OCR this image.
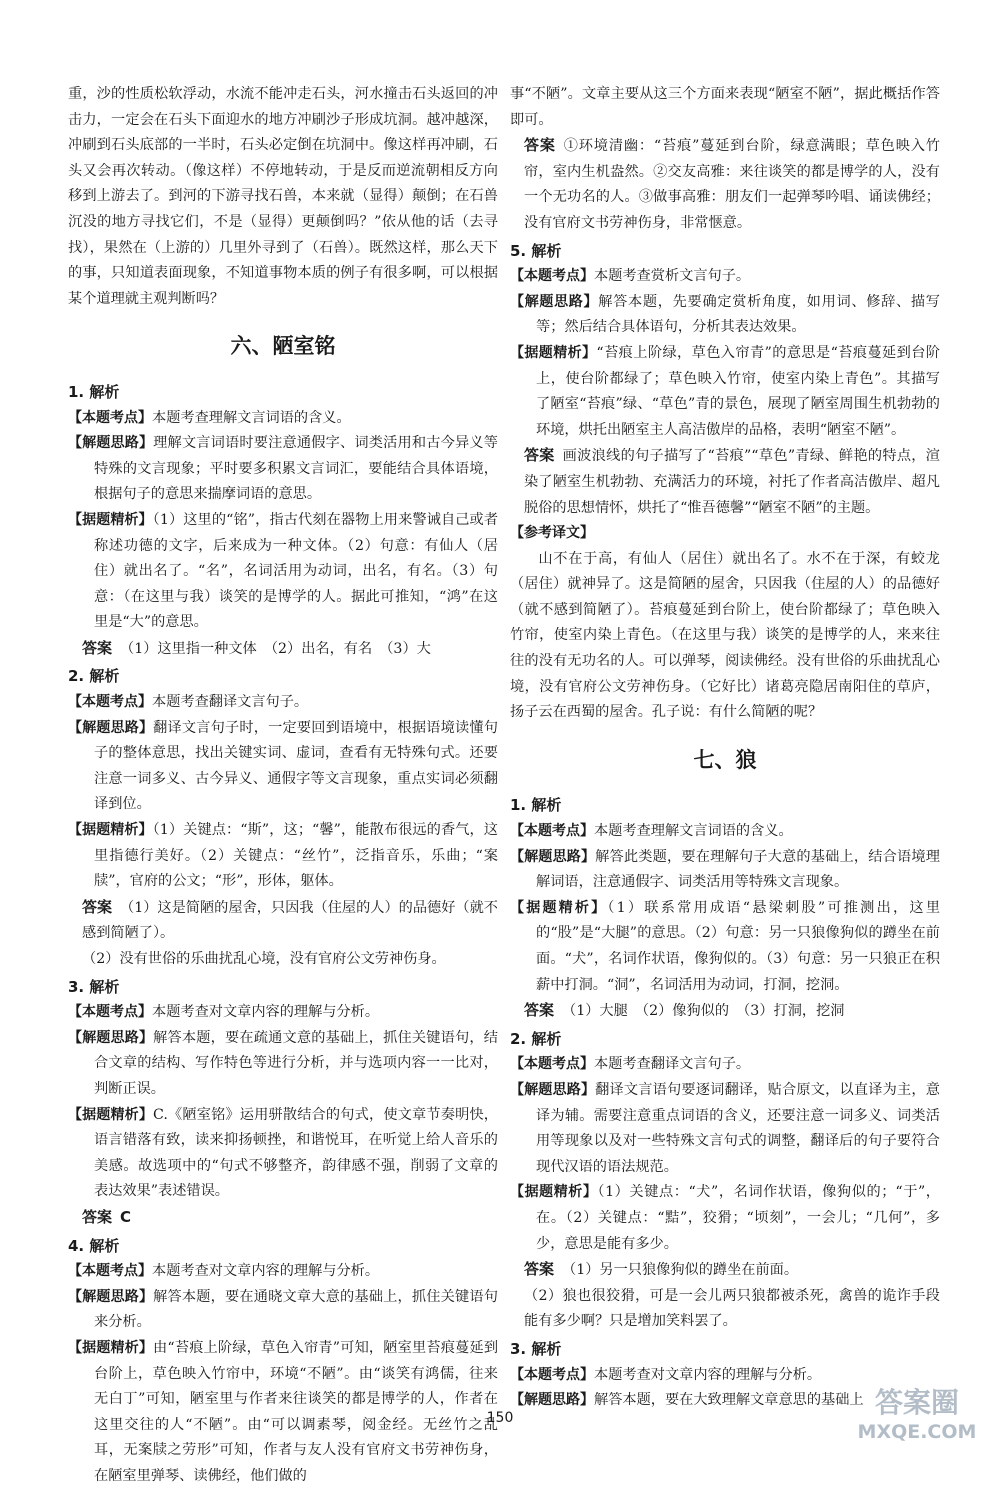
重，沙的性质松软浮动，水流不能冲走石头，河水撞击石头返回的冲击力，一定会在石头下面迎水的地方冲刷沙子形成坑洞。越冲越深，冲刷到石头底部的一半时，石头必定倒在坑洞中。像这样再冲刷，石头又会再次转动。（像这样）不停地转动，于是反而逆流朝相反方向移到上游去了。到河的下游寻找石兽，本来就（显得）颠倒；在石兽沉没的地方寻找它们，不是（显得）更颠倒吗？”依从他的话（去寻找），果然在（上游的）几里外寻到了（石兽）。既然这样，那么天下的事，只知道表面现象，不知道事物本质的例子有很多啊，可以根据某个道理就主观判断吗？

六、陋室铭
1. 解析

【本题考点】本题考查理解文言词语的含义。

【解题思路】理解文言词语时要注意通假字、词类活用和古今异义等特殊的文言现象；平时要多积累文言词汇，要能结合具体语境，根据句子的意思来揣摩词语的意思。

【据题精析】（1）这里的“铭”，指古代刻在器物上用来警诫自己或者称述功德的文字，后来成为一种文体。（2）句意：有仙人（居住）就出名了。“名”，名词活用为动词，出名，有名。（3）句意：（在这里与我）谈笑的是博学的人。据此可推知，“鸿”在这里是“大”的意思。

答案 （1）这里指一种文体　（2）出名，有名　（3）大

2. 解析

【本题考点】本题考查翻译文言句子。

【解题思路】翻译文言句子时，一定要回到语境中，根据语境读懂句子的整体意思，找出关键实词、虚词，查看有无特殊句式。还要注意一词多义、古今异义、通假字等文言现象，重点实词必须翻译到位。

【据题精析】（1）关键点：“斯”，这；“馨”，能散布很远的香气，这里指德行美好。（2）关键点：“丝竹”，泛指音乐，乐曲；“案牍”，官府的公文；“形”，形体，躯体。

答案 （1）这是简陋的屋舍，只因我（住屋的人）的品德好（就不感到简陋了）。

（2）没有世俗的乐曲扰乱心境，没有官府公文劳神伤身。

3. 解析

【本题考点】本题考查对文章内容的理解与分析。

【解题思路】解答本题，要在疏通文意的基础上，抓住关键语句，结合文章的结构、写作特色等进行分析，并与选项内容一一比对，判断正误。

【据题精析】C.《陋室铭》运用骈散结合的句式，使文章节奏明快，语言错落有致，读来抑扬顿挫，和谐悦耳，在听觉上给人音乐的美感。故选项中的“句式不够整齐，韵律感不强，削弱了文章的表达效果”表述错误。

答案 C

4. 解析

【本题考点】本题考查对文章内容的理解与分析。

【解题思路】解答本题，要在通晓文章大意的基础上，抓住关键语句来分析。

【据题精析】由“苔痕上阶绿，草色入帘青”可知，陋室里苔痕蔓延到台阶上，草色映入竹帘中，环境“不陋”。由“谈笑有鸿儒，往来无白丁”可知，陋室里与作者来往谈笑的都是博学的人，作者在这里交往的人“不陋”。由“可以调素琴，阅金经。无丝竹之乱耳，无案牍之劳形”可知，作者与友人没有官府文书劳神伤身，在陋室里弹琴、读佛经，他们做的

事“不陋”。文章主要从这三个方面来表现“陋室不陋”，据此概括作答即可。

答案 ①环境清幽：“苔痕”蔓延到台阶，绿意满眼；草色映入竹帘，室内生机盎然。②交友高雅：来往谈笑的都是博学的人，没有一个无功名的人。③做事高雅：朋友们一起弹琴吟唱、诵读佛经；没有官府文书劳神伤身，非常惬意。

5. 解析

【本题考点】本题考查赏析文言句子。

【解题思路】解答本题，先要确定赏析角度，如用词、修辞、描写等；然后结合具体语句，分析其表达效果。

【据题精析】“苔痕上阶绿，草色入帘青”的意思是“苔痕蔓延到台阶上，使台阶都绿了；草色映入竹帘，使室内染上青色”。其描写了陋室“苔痕”绿、“草色”青的景色，展现了陋室周围生机勃勃的环境，烘托出陋室主人高洁傲岸的品格，表明“陋室不陋”。

答案 画波浪线的句子描写了“苔痕”“草色”青绿、鲜艳的特点，渲染了陋室生机勃勃、充满活力的环境，衬托了作者高洁傲岸、超凡脱俗的思想情怀，烘托了“惟吾德馨”“陋室不陋”的主题。

【参考译文】

山不在于高，有仙人（居住）就出名了。水不在于深，有蛟龙（居住）就神异了。这是简陋的屋舍，只因我（住屋的人）的品德好（就不感到简陋了）。苔痕蔓延到台阶上，使台阶都绿了；草色映入竹帘，使室内染上青色。（在这里与我）谈笑的是博学的人，来来往往的没有无功名的人。可以弹琴，阅读佛经。没有世俗的乐曲扰乱心境，没有官府公文劳神伤身。（它好比）诸葛亮隐居南阳住的草庐，扬子云在西蜀的屋舍。孔子说：有什么简陋的呢？

七、狼
1. 解析

【本题考点】本题考查理解文言词语的含义。

【解题思路】解答此类题，要在理解句子大意的基础上，结合语境理解词语，注意通假字、词类活用等特殊文言现象。

【据题精析】（1）联系常用成语“悬梁刺股”可推测出，这里的“股”是“大腿”的意思。（2）句意：另一只狼像狗似的蹲坐在前面。“犬”，名词作状语，像狗似的。（3）句意：另一只狼正在积薪中打洞。“洞”，名词活用为动词，打洞，挖洞。

答案 （1）大腿　（2）像狗似的　（3）打洞，挖洞

2. 解析

【本题考点】本题考查翻译文言句子。

【解题思路】翻译文言语句要逐词翻译，贴合原文，以直译为主，意译为辅。需要注意重点词语的含义，还要注意一词多义、词类活用等现象以及对一些特殊文言句式的调整，翻译后的句子要符合现代汉语的语法规范。

【据题精析】（1）关键点：“犬”，名词作状语，像狗似的；“于”，在。（2）关键点：“黠”，狡猾；“顷刻”，一会儿；“几何”，多少，意思是能有多少。

答案 （1）另一只狼像狗似的蹲坐在前面。

（2）狼也很狡猾，可是一会儿两只狼都被杀死，禽兽的诡诈手段能有多少啊？只是增加笑料罢了。

3. 解析

【本题考点】本题考查对文章内容的理解与分析。

【解题思路】解答本题，要在大致理解文章意思的基础上

150	答案圈
MXQE.COM
